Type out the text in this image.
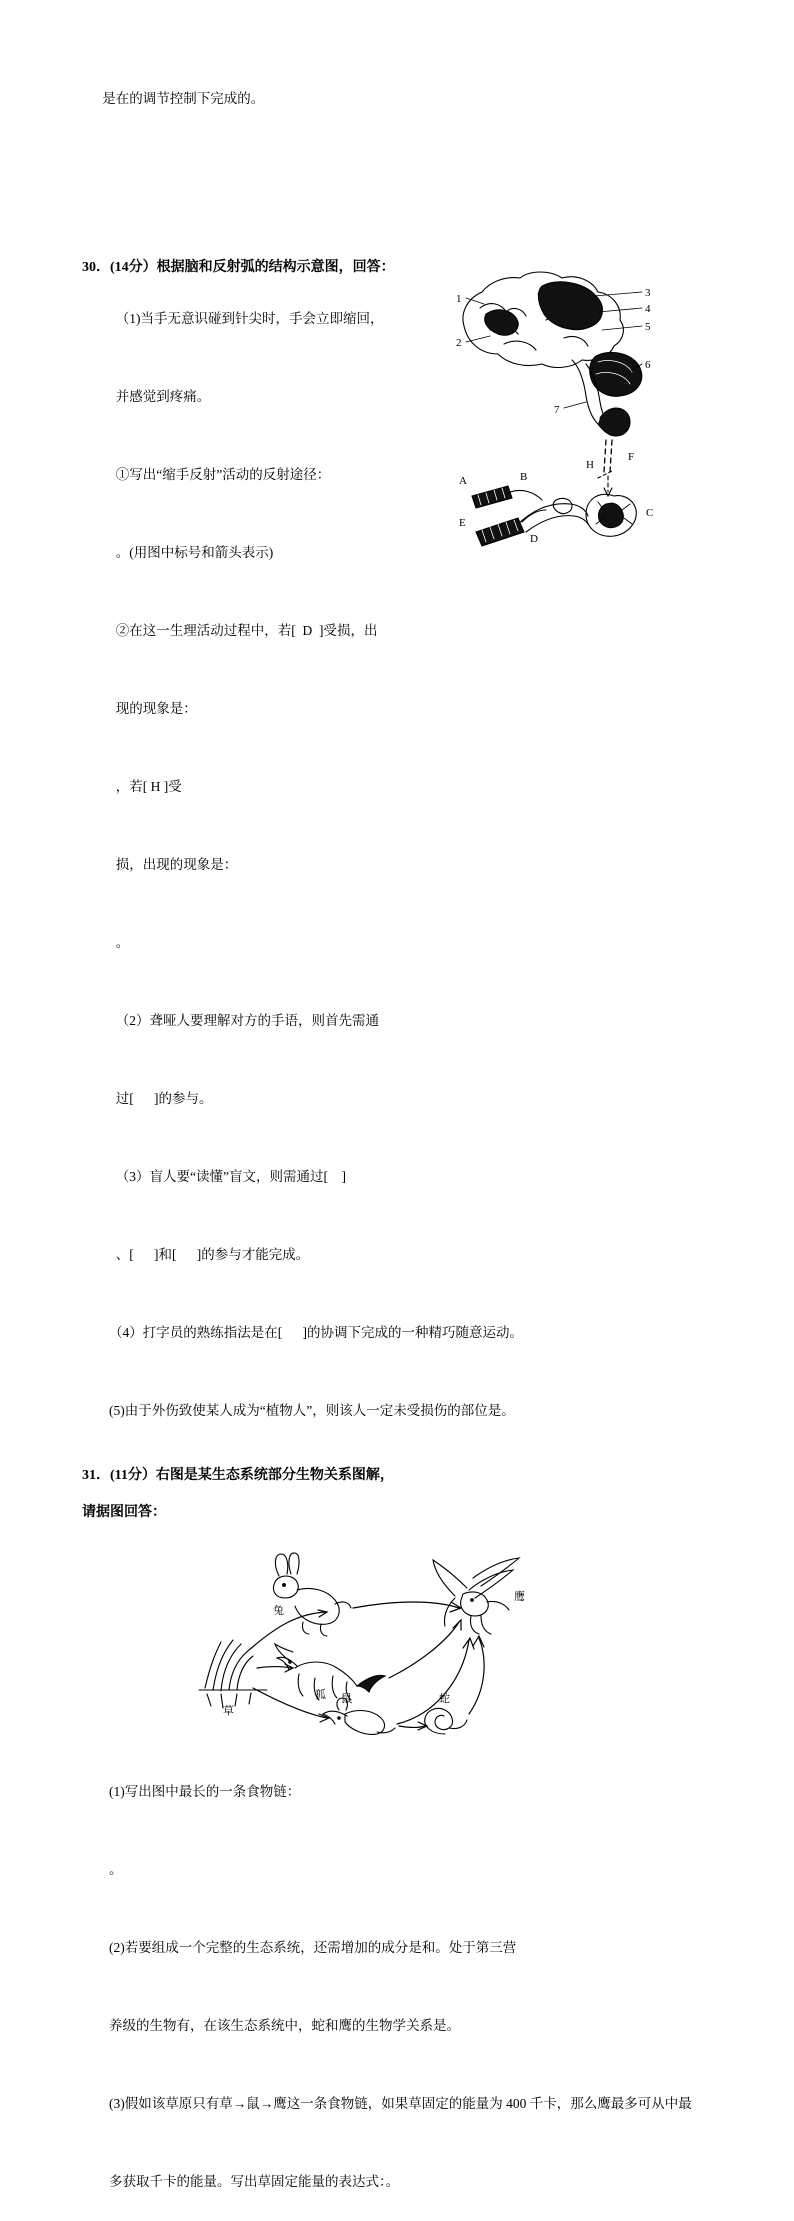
是在的调节控制下完成的。

30．(14分）根据脑和反射弧的结构示意图，回答：

（1)当手无意识碰到针尖时，手会立即缩回，

并感觉到疼痛。

①写出“缩手反射”活动的反射途径：

。(用图中标号和箭头表示)

②在这一生理活动过程中，若[  D  ]受损，出

现的现象是：

，若[ H ]受

损，出现的现象是：

。

（2）聋哑人要理解对方的手语，则首先需通

过[      ]的参与。

（3）盲人要“读懂”盲文，则需通过[    ]

、[      ]和[      ]的参与才能完成。

3
4
5
6
1
2
7
A	B
C
D
E
F
H

（4）打字员的熟练指法是在[      ]的协调下完成的一种精巧随意运动。

(5)由于外伤致使某人成为“植物人”，则该人一定未受损伤的部位是。

31．(11分）右图是某生态系统部分生物关系图解，

请据图回答：

兔
鹰
草
狐 鼠	蛇

(1)写出图中最长的一条食物链：

。

(2)若要组成一个完整的生态系统，还需增加的成分是和。处于第三营

养级的生物有，在该生态系统中，蛇和鹰的生物学关系是。

(3)假如该草原只有草→鼠→鹰这一条食物链，如果草固定的能量为 400 千卡，那么鹰最多可从中最

多获取千卡的能量。写出草固定能量的表达式：。
